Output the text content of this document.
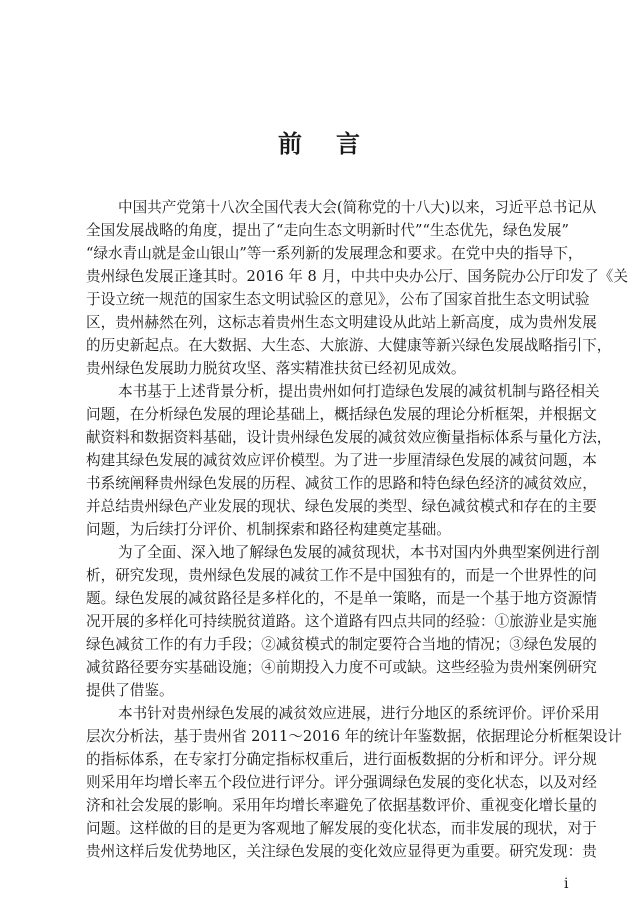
前 言
中国共产党第十八次全国代表大会(简称党的十八大)以来，习近平总书记从
全国发展战略的角度，提出了“走向生态文明新时代”“生态优先，绿色发展”
“绿水青山就是金山银山”等一系列新的发展理念和要求。在党中央的指导下，
贵州绿色发展正逢其时。2016 年 8 月，中共中央办公厅、国务院办公厅印发了《关
于设立统一规范的国家生态文明试验区的意见》，公布了国家首批生态文明试验
区，贵州赫然在列，这标志着贵州生态文明建设从此站上新高度，成为贵州发展
的历史新起点。在大数据、大生态、大旅游、大健康等新兴绿色发展战略指引下，
贵州绿色发展助力脱贫攻坚、落实精准扶贫已经初见成效。
本书基于上述背景分析，提出贵州如何打造绿色发展的减贫机制与路径相关
问题，在分析绿色发展的理论基础上，概括绿色发展的理论分析框架，并根据文
献资料和数据资料基础，设计贵州绿色发展的减贫效应衡量指标体系与量化方法，
构建其绿色发展的减贫效应评价模型。为了进一步厘清绿色发展的减贫问题，本
书系统阐释贵州绿色发展的历程、减贫工作的思路和特色绿色经济的减贫效应，
并总结贵州绿色产业发展的现状、绿色发展的类型、绿色减贫模式和存在的主要
问题，为后续打分评价、机制探索和路径构建奠定基础。
为了全面、深入地了解绿色发展的减贫现状，本书对国内外典型案例进行剖
析，研究发现，贵州绿色发展的减贫工作不是中国独有的，而是一个世界性的问
题。绿色发展的减贫路径是多样化的，不是单一策略，而是一个基于地方资源情
况开展的多样化可持续脱贫道路。这个道路有四点共同的经验：①旅游业是实施
绿色减贫工作的有力手段；②减贫模式的制定要符合当地的情况；③绿色发展的
减贫路径要夯实基础设施；④前期投入力度不可或缺。这些经验为贵州案例研究
提供了借鉴。
本书针对贵州绿色发展的减贫效应进展，进行分地区的系统评价。评价采用
层次分析法，基于贵州省 2011～2016 年的统计年鉴数据，依据理论分析框架设计
的指标体系，在专家打分确定指标权重后，进行面板数据的分析和评分。评分规
则采用年均增长率五个段位进行评分。评分强调绿色发展的变化状态，以及对经
济和社会发展的影响。采用年均增长率避免了依据基数评价、重视变化增长量的
问题。这样做的目的是更为客观地了解发展的变化状态，而非发展的现状，对于
贵州这样后发优势地区，关注绿色发展的变化效应显得更为重要。研究发现：贵
i
